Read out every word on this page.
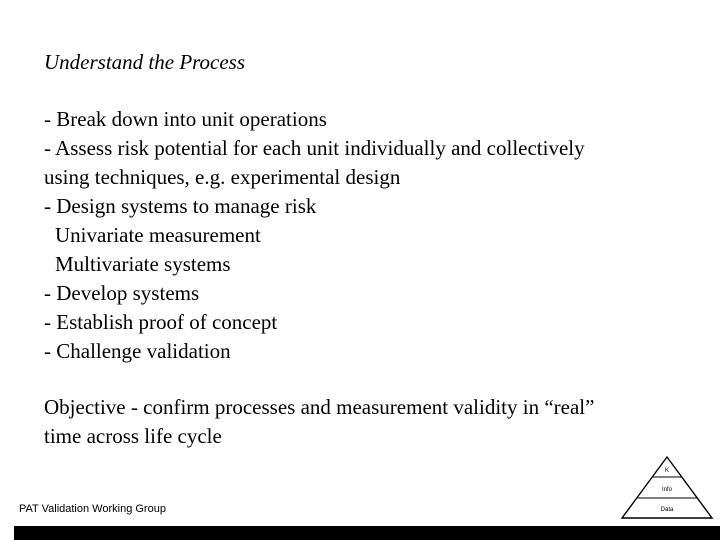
Understand the Process
- Break down into unit operations
- Assess risk potential for each unit individually and collectively
using techniques, e.g. experimental design
- Design systems to manage risk
Univariate measurement
Multivariate systems
- Develop systems
- Establish proof of concept
- Challenge validation
Objective - confirm processes and measurement validity in “real”
time across life cycle
PAT Validation Working Group
K
Info
Data
